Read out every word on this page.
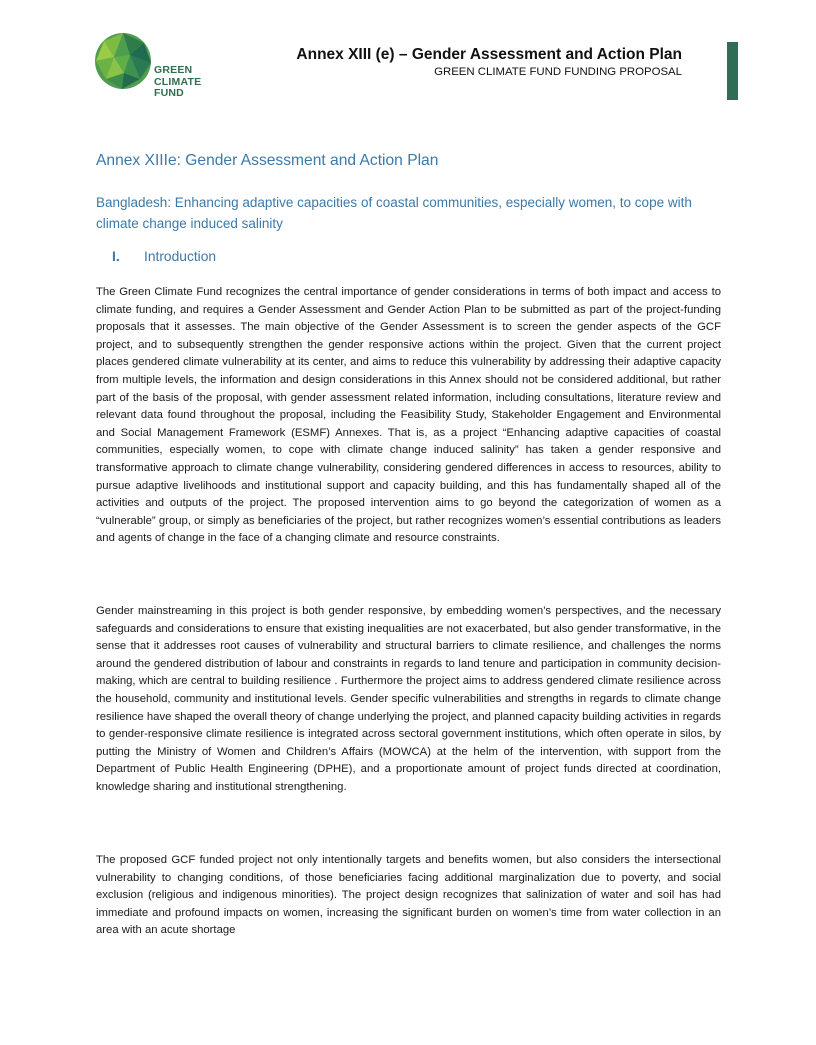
GREEN
CLIMATE
FUND
Annex XIII (e) – Gender Assessment and Action Plan
GREEN CLIMATE FUND FUNDING PROPOSAL
Annex XIIIe: Gender Assessment and Action Plan
Bangladesh: Enhancing adaptive capacities of coastal communities, especially women, to cope with climate change induced salinity
I. Introduction

The Green Climate Fund recognizes the central importance of gender considerations in terms of both impact and access to climate funding, and requires a Gender Assessment and Gender Action Plan to be submitted as part of the project-funding proposals that it assesses. The main objective of the Gender Assessment is to screen the gender aspects of the GCF project, and to subsequently strengthen the gender responsive actions within the project. Given that the current project places gendered climate vulnerability at its center, and aims to reduce this vulnerability by addressing their adaptive capacity from multiple levels, the information and design considerations in this Annex should not be considered additional, but rather part of the basis of the proposal, with gender assessment related information, including consultations, literature review and relevant data found throughout the proposal, including the Feasibility Study, Stakeholder Engagement and Environmental and Social Management Framework (ESMF) Annexes. That is, as a project “Enhancing adaptive capacities of coastal communities, especially women, to cope with climate change induced salinity” has taken a gender responsive and transformative approach to climate change vulnerability, considering gendered differences in access to resources, ability to pursue adaptive livelihoods and institutional support and capacity building, and this has fundamentally shaped all of the activities and outputs of the project. The proposed intervention aims to go beyond the categorization of women as a “vulnerable” group, or simply as beneficiaries of the project, but rather recognizes women’s essential contributions as leaders and agents of change in the face of a changing climate and resource constraints.

Gender mainstreaming in this project is both gender responsive, by embedding women’s perspectives, and the necessary safeguards and considerations to ensure that existing inequalities are not exacerbated, but also gender transformative, in the sense that it addresses root causes of vulnerability and structural barriers to climate resilience, and challenges the norms around the gendered distribution of labour and constraints in regards to land tenure and participation in community decision-making, which are central to building resilience . Furthermore the project aims to address gendered climate resilience across the household, community and institutional levels. Gender specific vulnerabilities and strengths in regards to climate change resilience have shaped the overall theory of change underlying the project, and planned capacity building activities in regards to gender-responsive climate resilience is integrated across sectoral government institutions, which often operate in silos, by putting the Ministry of Women and Children’s Affairs (MOWCA) at the helm of the intervention, with support from the Department of Public Health Engineering (DPHE), and a proportionate amount of project funds directed at coordination, knowledge sharing and institutional strengthening.

The proposed GCF funded project not only intentionally targets and benefits women, but also considers the intersectional vulnerability to changing conditions, of those beneficiaries facing additional marginalization due to poverty, and social exclusion (religious and indigenous minorities). The project design recognizes that salinization of water and soil has had immediate and profound impacts on women, increasing the significant burden on women’s time from water collection in an area with an acute shortage
